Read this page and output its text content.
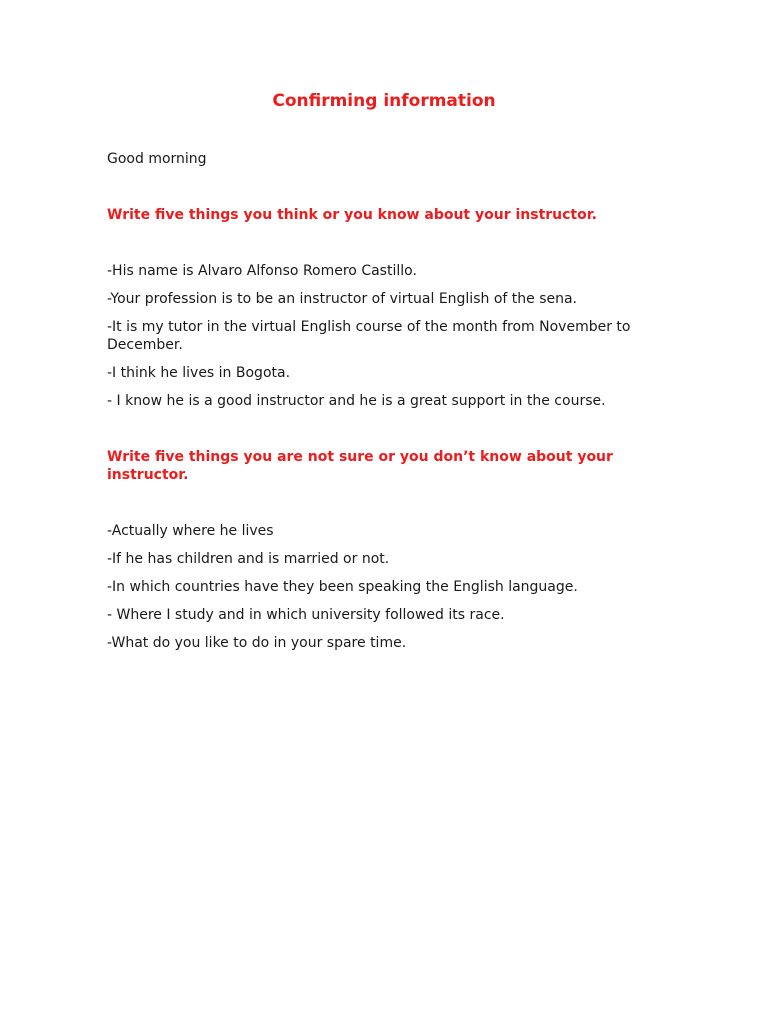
Confirming information

Good morning

Write five things you think or you know about your instructor.

-His name is Alvaro Alfonso Romero Castillo.
-Your profession is to be an instructor of virtual English of the sena.
-It is my tutor in the virtual English course of the month from November to December.
-I think he lives in Bogota.
- I know he is a good instructor and he is a great support in the course.

Write five things you are not sure or you don’t know about your instructor.

-Actually where he lives
-If he has children and is married or not.
-In which countries have they been speaking the English language.
- Where I study and in which university followed its race.
-What do you like to do in your spare time.
